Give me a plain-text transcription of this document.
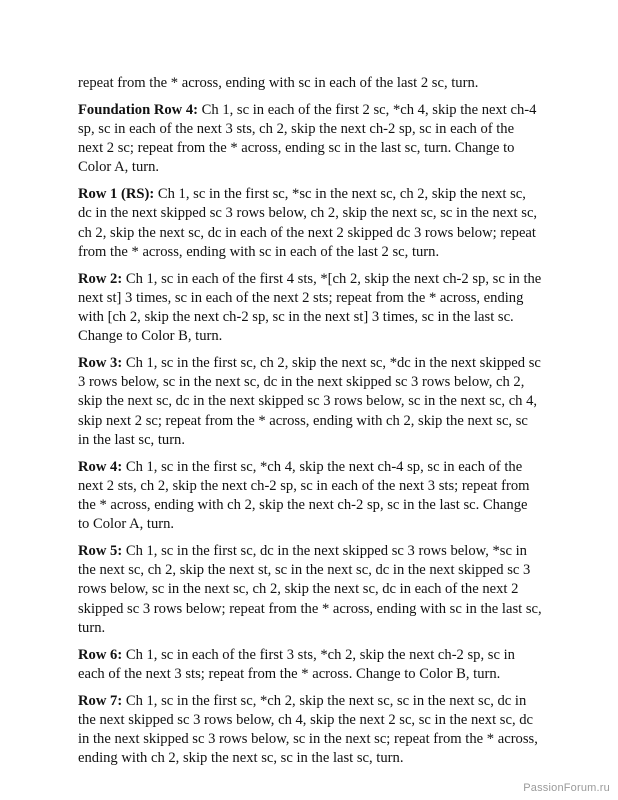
repeat from the * across, ending with sc in each of the last 2 sc, turn.

Foundation Row 4: Ch 1, sc in each of the first 2 sc, *ch 4, skip the next ch-4 sp, sc in each of the next 3 sts, ch 2, skip the next ch-2 sp, sc in each of the next 2 sc; repeat from the * across, ending sc in the last sc, turn. Change to Color A, turn.

Row 1 (RS): Ch 1, sc in the first sc, *sc in the next sc, ch 2, skip the next sc, dc in the next skipped sc 3 rows below, ch 2, skip the next sc, sc in the next sc, ch 2, skip the next sc, dc in each of the next 2 skipped dc 3 rows below; repeat from the * across, ending with sc in each of the last 2 sc, turn.

Row 2: Ch 1, sc in each of the first 4 sts, *[ch 2, skip the next ch-2 sp, sc in the next st] 3 times, sc in each of the next 2 sts; repeat from the * across, ending with [ch 2, skip the next ch-2 sp, sc in the next st] 3 times, sc in the last sc. Change to Color B, turn.

Row 3: Ch 1, sc in the first sc, ch 2, skip the next sc, *dc in the next skipped sc 3 rows below, sc in the next sc, dc in the next skipped sc 3 rows below, ch 2, skip the next sc, dc in the next skipped sc 3 rows below, sc in the next sc, ch 4, skip next 2 sc; repeat from the * across, ending with ch 2, skip the next sc, sc in the last sc, turn.

Row 4: Ch 1, sc in the first sc, *ch 4, skip the next ch-4 sp, sc in each of the next 2 sts, ch 2, skip the next ch-2 sp, sc in each of the next 3 sts; repeat from the * across, ending with ch 2, skip the next ch-2 sp, sc in the last sc. Change to Color A, turn.

Row 5: Ch 1, sc in the first sc, dc in the next skipped sc 3 rows below, *sc in the next sc, ch 2, skip the next st, sc in the next sc, dc in the next skipped sc 3 rows below, sc in the next sc, ch 2, skip the next sc, dc in each of the next 2 skipped sc 3 rows below; repeat from the * across, ending with sc in the last sc, turn.

Row 6: Ch 1, sc in each of the first 3 sts, *ch 2, skip the next ch-2 sp, sc in each of the next 3 sts; repeat from the * across. Change to Color B, turn.

Row 7: Ch 1, sc in the first sc, *ch 2, skip the next sc, sc in the next sc, dc in the next skipped sc 3 rows below, ch 4, skip the next 2 sc, sc in the next sc, dc in the next skipped sc 3 rows below, sc in the next sc; repeat from the * across, ending with ch 2, skip the next sc, sc in the last sc, turn.

PassionForum.ru
